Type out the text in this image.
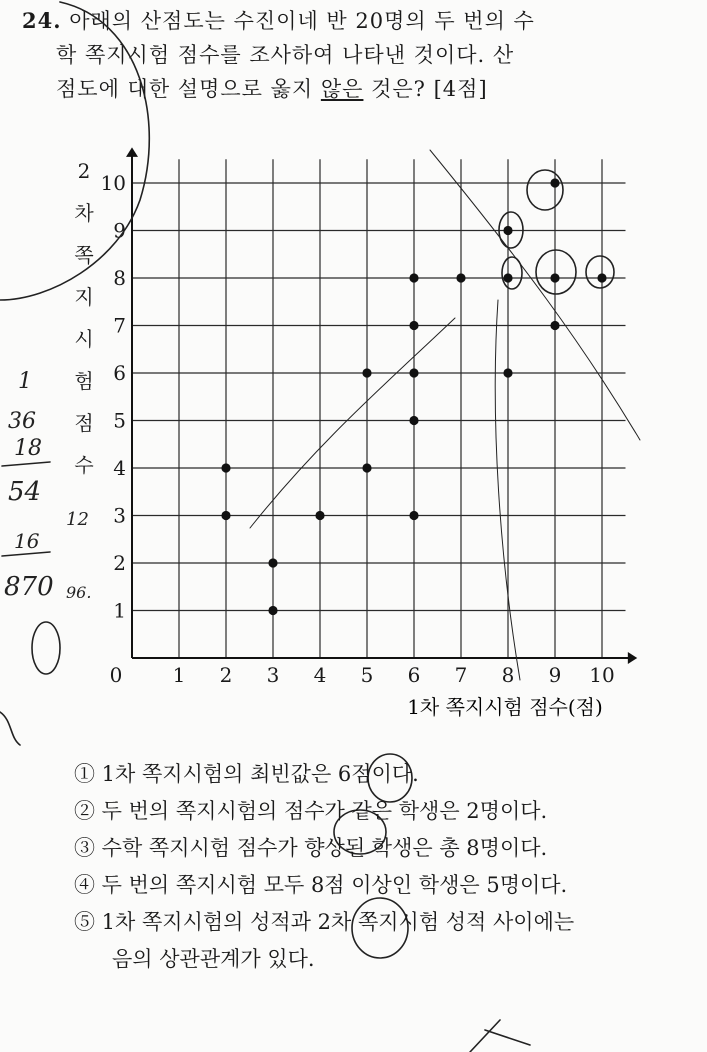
24. 아래의 산점도는 수진이네 반 20명의 두 번의 수
학 쪽지시험 점수를 조사하여 나타낸 것이다. 산
점도에 대한 설명으로 옳지 않은 것은? [4점]
0	1 2 3 4 5 6 7 8 9 10
1
2
3
4
5
6
7
8
9
10
2
차
쪽
지
시
험
점
수
1차 쪽지시험 점수(점)
1
36
18
54
12
16
870 96.
① 1차 쪽지시험의 최빈값은 6점이다.
② 두 번의 쪽지시험의 점수가 같은 학생은 2명이다.
③ 수학 쪽지시험 점수가 향상된 학생은 총 8명이다.
④ 두 번의 쪽지시험 모두 8점 이상인 학생은 5명이다.
⑤ 1차 쪽지시험의 성적과 2차 쪽지시험 성적 사이에는
음의 상관관계가 있다.
